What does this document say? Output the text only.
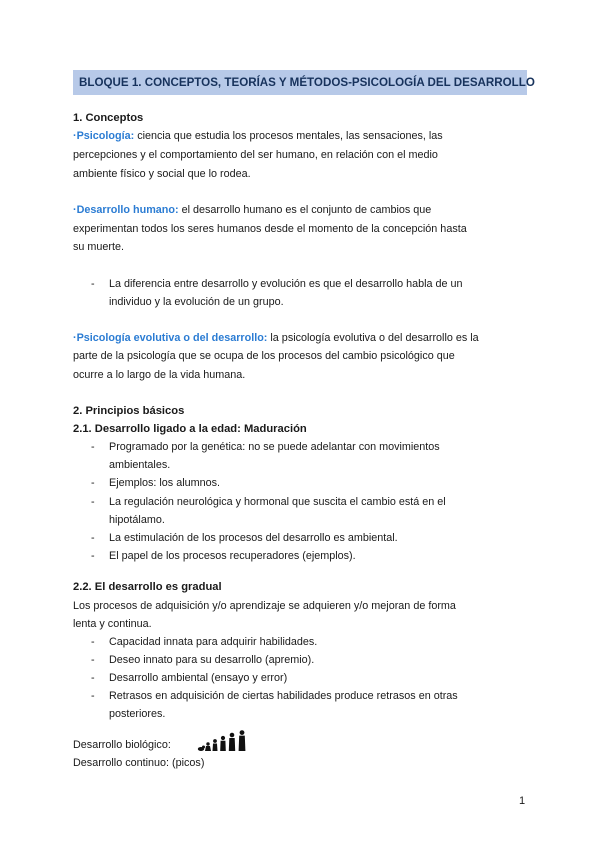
BLOQUE 1. CONCEPTOS, TEORÍAS Y MÉTODOS-PSICOLOGÍA DEL DESARROLLO
1. Conceptos
·Psicología: ciencia que estudia los procesos mentales, las sensaciones, las
percepciones y el comportamiento del ser humano, en relación con el medio
ambiente físico y social que lo rodea.
·Desarrollo humano: el desarrollo humano es el conjunto de cambios que
experimentan todos los seres humanos desde el momento de la concepción hasta
su muerte.
- La diferencia entre desarrollo y evolución es que el desarrollo habla de un
individuo y la evolución de un grupo.
·Psicología evolutiva o del desarrollo: la psicología evolutiva o del desarrollo es la
parte de la psicología que se ocupa de los procesos del cambio psicológico que
ocurre a lo largo de la vida humana.
2. Principios básicos
2.1. Desarrollo ligado a la edad: Maduración
- Programado por la genética: no se puede adelantar con movimientos
ambientales.
- Ejemplos: los alumnos.
- La regulación neurológica y hormonal que suscita el cambio está en el
hipotálamo.
- La estimulación de los procesos del desarrollo es ambiental.
- El papel de los procesos recuperadores (ejemplos).
2.2. El desarrollo es gradual
Los procesos de adquisición y/o aprendizaje se adquieren y/o mejoran de forma
lenta y continua.
- Capacidad innata para adquirir habilidades.
- Deseo innato para su desarrollo (apremio).
- Desarrollo ambiental (ensayo y error)
- Retrasos en adquisición de ciertas habilidades produce retrasos en otras
posteriores.
Desarrollo biológico:
Desarrollo continuo: (picos)
1
